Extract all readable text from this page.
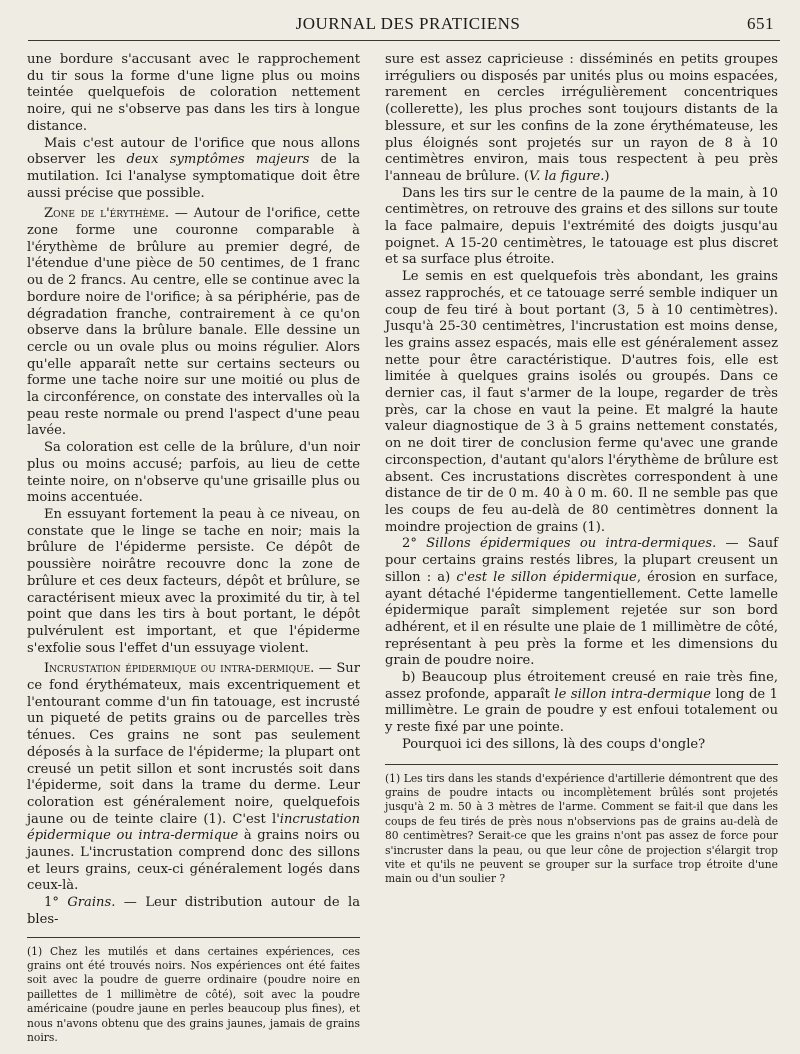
JOURNAL DES PRATICIENS	651

une bordure s'accusant avec le rapprochement du tir sous la forme d'une ligne plus ou moins teintée quelquefois de coloration nettement noire, qui ne s'observe pas dans les tirs à longue distance.

Mais c'est autour de l'orifice que nous allons observer les deux symptômes majeurs de la mutilation. Ici l'analyse symptomatique doit être aussi précise que possible.

Zone de l'érythème. — Autour de l'orifice, cette zone forme une couronne comparable à l'érythème de brûlure au premier degré, de l'étendue d'une pièce de 50 centimes, de 1 franc ou de 2 francs. Au centre, elle se continue avec la bordure noire de l'orifice; à sa périphérie, pas de dégradation franche, contrairement à ce qu'on observe dans la brûlure banale. Elle dessine un cercle ou un ovale plus ou moins régulier. Alors qu'elle apparaît nette sur certains secteurs ou forme une tache noire sur une moitié ou plus de la circonférence, on constate des intervalles où la peau reste normale ou prend l'aspect d'une peau lavée.

Sa coloration est celle de la brûlure, d'un noir plus ou moins accusé; parfois, au lieu de cette teinte noire, on n'observe qu'une grisaille plus ou moins accentuée.

En essuyant fortement la peau à ce niveau, on constate que le linge se tache en noir; mais la brûlure de l'épiderme persiste. Ce dépôt de poussière noirâtre recouvre donc la zone de brûlure et ces deux facteurs, dépôt et brûlure, se caractérisent mieux avec la proximité du tir, à tel point que dans les tirs à bout portant, le dépôt pulvérulent est important, et que l'épiderme s'exfolie sous l'effet d'un essuyage violent.

Incrustation épidermique ou intra-dermique. — Sur ce fond érythémateux, mais excentriquement et l'entourant comme d'un fin tatouage, est incrusté un piqueté de petits grains ou de parcelles très ténues. Ces grains ne sont pas seulement déposés à la surface de l'épiderme; la plupart ont creusé un petit sillon et sont incrustés soit dans l'épiderme, soit dans la trame du derme. Leur coloration est généralement noire, quelquefois jaune ou de teinte claire (1). C'est l'incrustation épidermique ou intra-dermique à grains noirs ou jaunes. L'incrustation comprend donc des sillons et leurs grains, ceux-ci généralement logés dans ceux-là.

1° Grains. — Leur distribution autour de la bles-

(1) Chez les mutilés et dans certaines expériences, ces grains ont été trouvés noirs. Nos expériences ont été faites soit avec la poudre de guerre ordinaire (poudre noire en paillettes de 1 millimètre de côté), soit avec la poudre américaine (poudre jaune en perles beaucoup plus fines), et nous n'avons obtenu que des grains jaunes, jamais de grains noirs.

sure est assez capricieuse : disséminés en petits groupes irréguliers ou disposés par unités plus ou moins espacées, rarement en cercles irrégulièrement concentriques (collerette), les plus proches sont toujours distants de la blessure, et sur les confins de la zone érythémateuse, les plus éloignés sont projetés sur un rayon de 8 à 10 centimètres environ, mais tous respectent à peu près l'anneau de brûlure. (V. la figure.)

Dans les tirs sur le centre de la paume de la main, à 10 centimètres, on retrouve des grains et des sillons sur toute la face palmaire, depuis l'extrémité des doigts jusqu'au poignet. A 15-20 centimètres, le tatouage est plus discret et sa surface plus étroite.

Le semis en est quelquefois très abondant, les grains assez rapprochés, et ce tatouage serré semble indiquer un coup de feu tiré à bout portant (3, 5 à 10 centimètres). Jusqu'à 25-30 centimètres, l'incrustation est moins dense, les grains assez espacés, mais elle est généralement assez nette pour être caractéristique. D'autres fois, elle est limitée à quelques grains isolés ou groupés. Dans ce dernier cas, il faut s'armer de la loupe, regarder de très près, car la chose en vaut la peine. Et malgré la haute valeur diagnostique de 3 à 5 grains nettement constatés, on ne doit tirer de conclusion ferme qu'avec une grande circonspection, d'autant qu'alors l'érythème de brûlure est absent. Ces incrustations discrètes correspondent à une distance de tir de 0 m. 40 à 0 m. 60. Il ne semble pas que les coups de feu au-delà de 80 centimètres donnent la moindre projection de grains (1).

2° Sillons épidermiques ou intra-dermiques. — Sauf pour certains grains restés libres, la plupart creusent un sillon : a) c'est le sillon épidermique, érosion en surface, ayant détaché l'épiderme tangentiellement. Cette lamelle épidermique paraît simplement rejetée sur son bord adhérent, et il en résulte une plaie de 1 millimètre de côté, représentant à peu près la forme et les dimensions du grain de poudre noire.

b) Beaucoup plus étroitement creusé en raie très fine, assez profonde, apparaît le sillon intra-dermique long de 1 millimètre. Le grain de poudre y est enfoui totalement ou y reste fixé par une pointe.

Pourquoi ici des sillons, là des coups d'ongle?

(1) Les tirs dans les stands d'expérience d'artillerie démontrent que des grains de poudre intacts ou incomplètement brûlés sont projetés jusqu'à 2 m. 50 à 3 mètres de l'arme. Comment se fait-il que dans les coups de feu tirés de près nous n'observions pas de grains au-delà de 80 centimètres? Serait-ce que les grains n'ont pas assez de force pour s'incruster dans la peau, ou que leur cône de projection s'élargit trop vite et qu'ils ne peuvent se grouper sur la surface trop étroite d'une main ou d'un soulier ?
